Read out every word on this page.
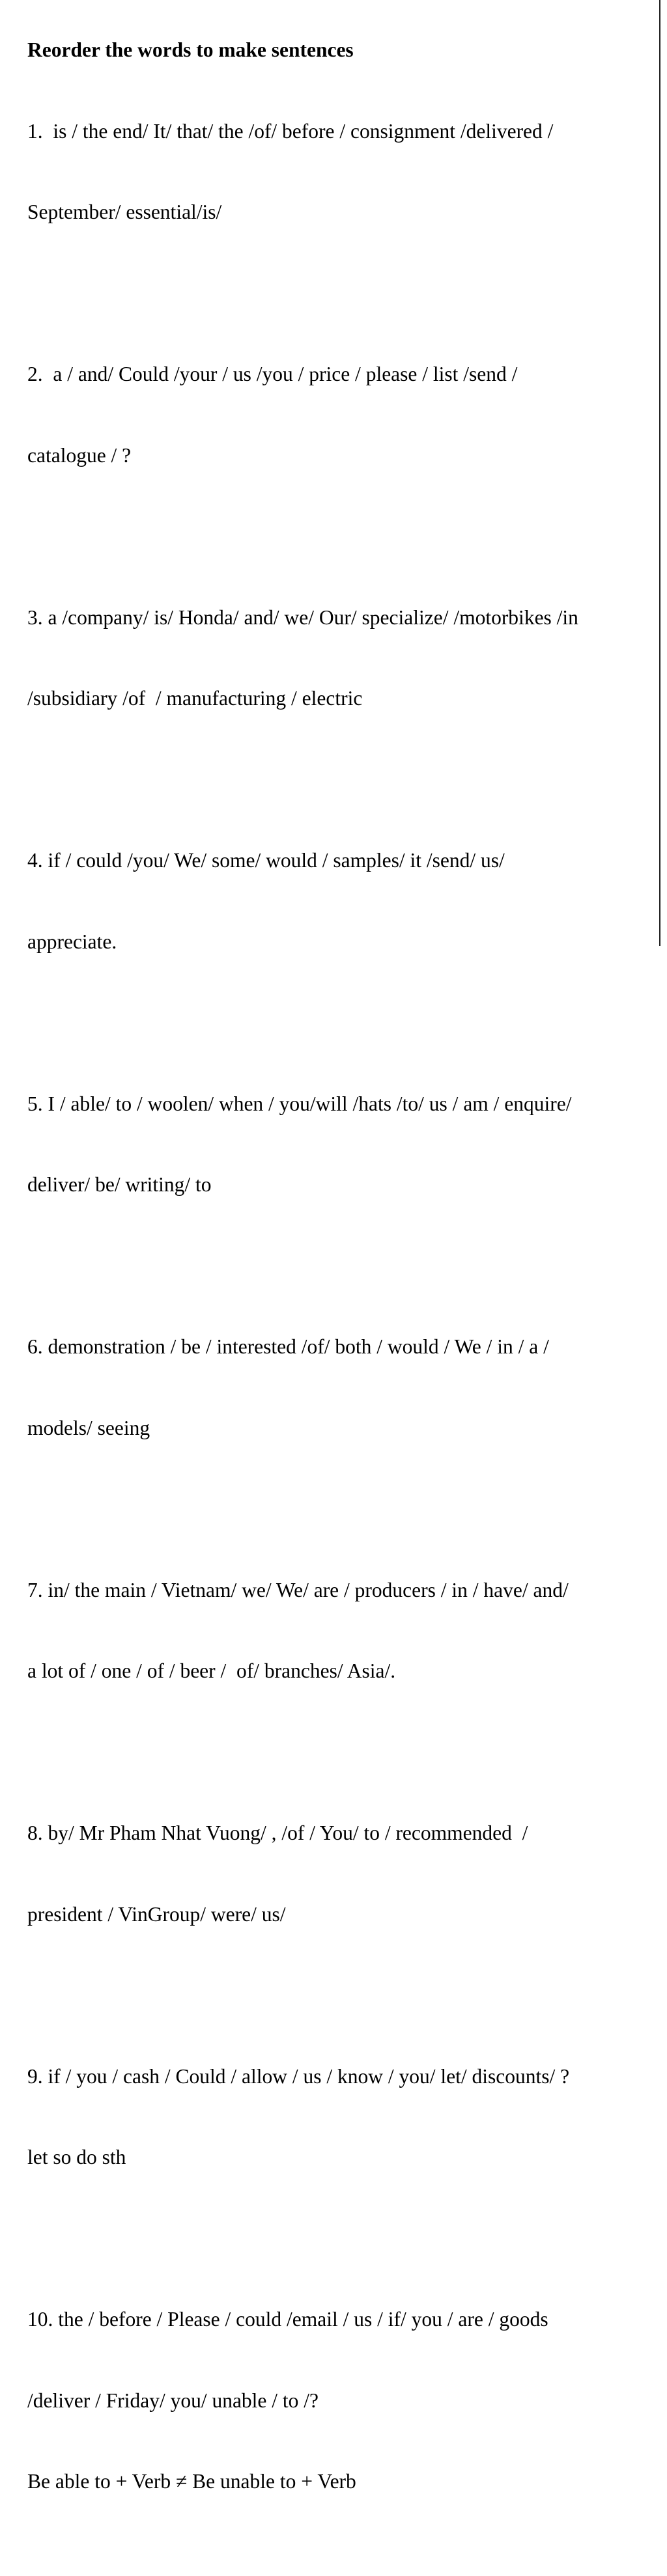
Reorder the words to make sentences

1.  is / the end/ It/ that/ the /of/ before / consignment /delivered /

September/ essential/is/

2.  a / and/ Could /your / us /you / price / please / list /send /

catalogue / ?

3. a /company/ is/ Honda/ and/ we/ Our/ specialize/ /motorbikes /in

/subsidiary /of  / manufacturing / electric

4. if / could /you/ We/ some/ would / samples/ it /send/ us/

appreciate.

5. I / able/ to / woolen/ when / you/will /hats /to/ us / am / enquire/

deliver/ be/ writing/ to

6. demonstration / be / interested /of/ both / would / We / in / a /

models/ seeing

7. in/ the main / Vietnam/ we/ We/ are / producers / in / have/ and/

a lot of / one / of / beer /  of/ branches/ Asia/.

8. by/ Mr Pham Nhat Vuong/ , /of / You/ to / recommended  /

president / VinGroup/ were/ us/

9. if / you / cash / Could / allow / us / know / you/ let/ discounts/ ?

let so do sth

10. the / before / Please / could /email / us / if/ you / are / goods

/deliver / Friday/ you/ unable / to /?

Be able to + Verb ≠ Be unable to + Verb
